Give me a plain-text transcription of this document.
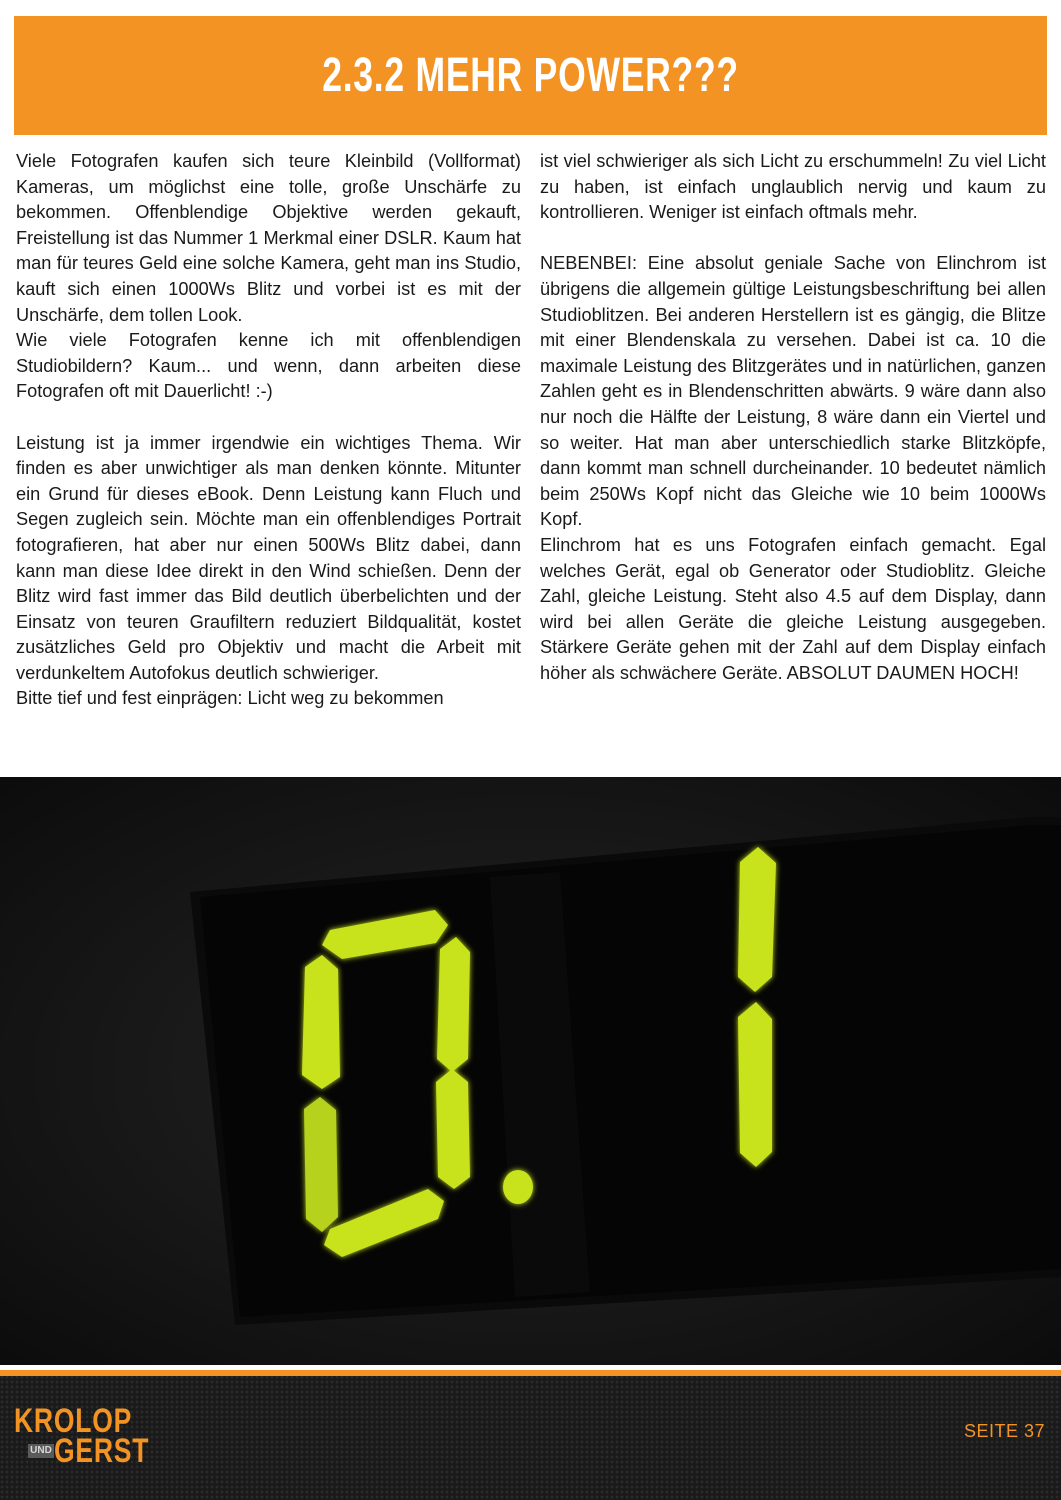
2.3.2 MEHR POWER???

Viele Fotografen kaufen sich teure Kleinbild (Vollformat) Kameras, um möglichst eine tolle, große Unschärfe zu bekommen. Offenblendige Objektive werden gekauft, Freistellung ist das Nummer 1 Merkmal einer DSLR. Kaum hat man für teures Geld eine solche Kamera, geht man ins Studio, kauft sich einen 1000Ws Blitz und vorbei ist es mit der Unschärfe, dem tollen Look.

Wie viele Fotografen kenne ich mit offenblendigen Studiobildern? Kaum... und wenn, dann arbeiten diese Fotografen oft mit Dauerlicht! :-)

Leistung ist ja immer irgendwie ein wichtiges Thema. Wir finden es aber unwichtiger als man denken könnte. Mitunter ein Grund für dieses eBook. Denn Leistung kann Fluch und Segen zugleich sein. Möchte man ein offenblendiges Portrait fotografieren, hat aber nur einen 500Ws Blitz dabei, dann kann man diese Idee direkt in den Wind schießen. Denn der Blitz wird fast immer das Bild deutlich überbelichten und der Einsatz von teuren Graufiltern reduziert Bildqualität, kostet zusätzliches Geld pro Objektiv und macht die Arbeit mit verdunkeltem Autofokus deutlich schwieriger.

Bitte tief und fest einprägen: Licht weg zu bekommen

ist viel schwieriger als sich Licht zu erschummeln! Zu viel Licht zu haben, ist einfach unglaublich nervig und kaum zu kontrollieren. Weniger ist einfach oftmals mehr.

NEBENBEI: Eine absolut geniale Sache von Elinchrom ist übrigens die allgemein gültige Leistungsbeschriftung bei allen Studioblitzen. Bei anderen Herstellern ist es gängig, die Blitze mit einer Blendenskala zu versehen. Dabei ist ca. 10 die maximale Leistung des Blitzgerätes und in natürlichen, ganzen Zahlen geht es in Blendenschritten abwärts. 9 wäre dann also nur noch die Hälfte der Leistung, 8 wäre dann ein Viertel und so weiter. Hat man aber unterschiedlich starke Blitzköpfe, dann kommt man schnell durcheinander. 10 bedeutet nämlich beim 250Ws Kopf nicht das Gleiche wie 10 beim 1000Ws Kopf.

Elinchrom hat es uns Fotografen einfach gemacht. Egal welches Gerät, egal ob Generator oder Studioblitz. Gleiche Zahl, gleiche Leistung. Steht also 4.5 auf dem Display, dann wird bei allen Geräte die gleiche Leistung ausgegeben. Stärkere Geräte gehen mit der Zahl auf dem Display einfach höher als schwächere Geräte. ABSOLUT DAUMEN HOCH!

KROLOP
UND GERST
SEITE 37
